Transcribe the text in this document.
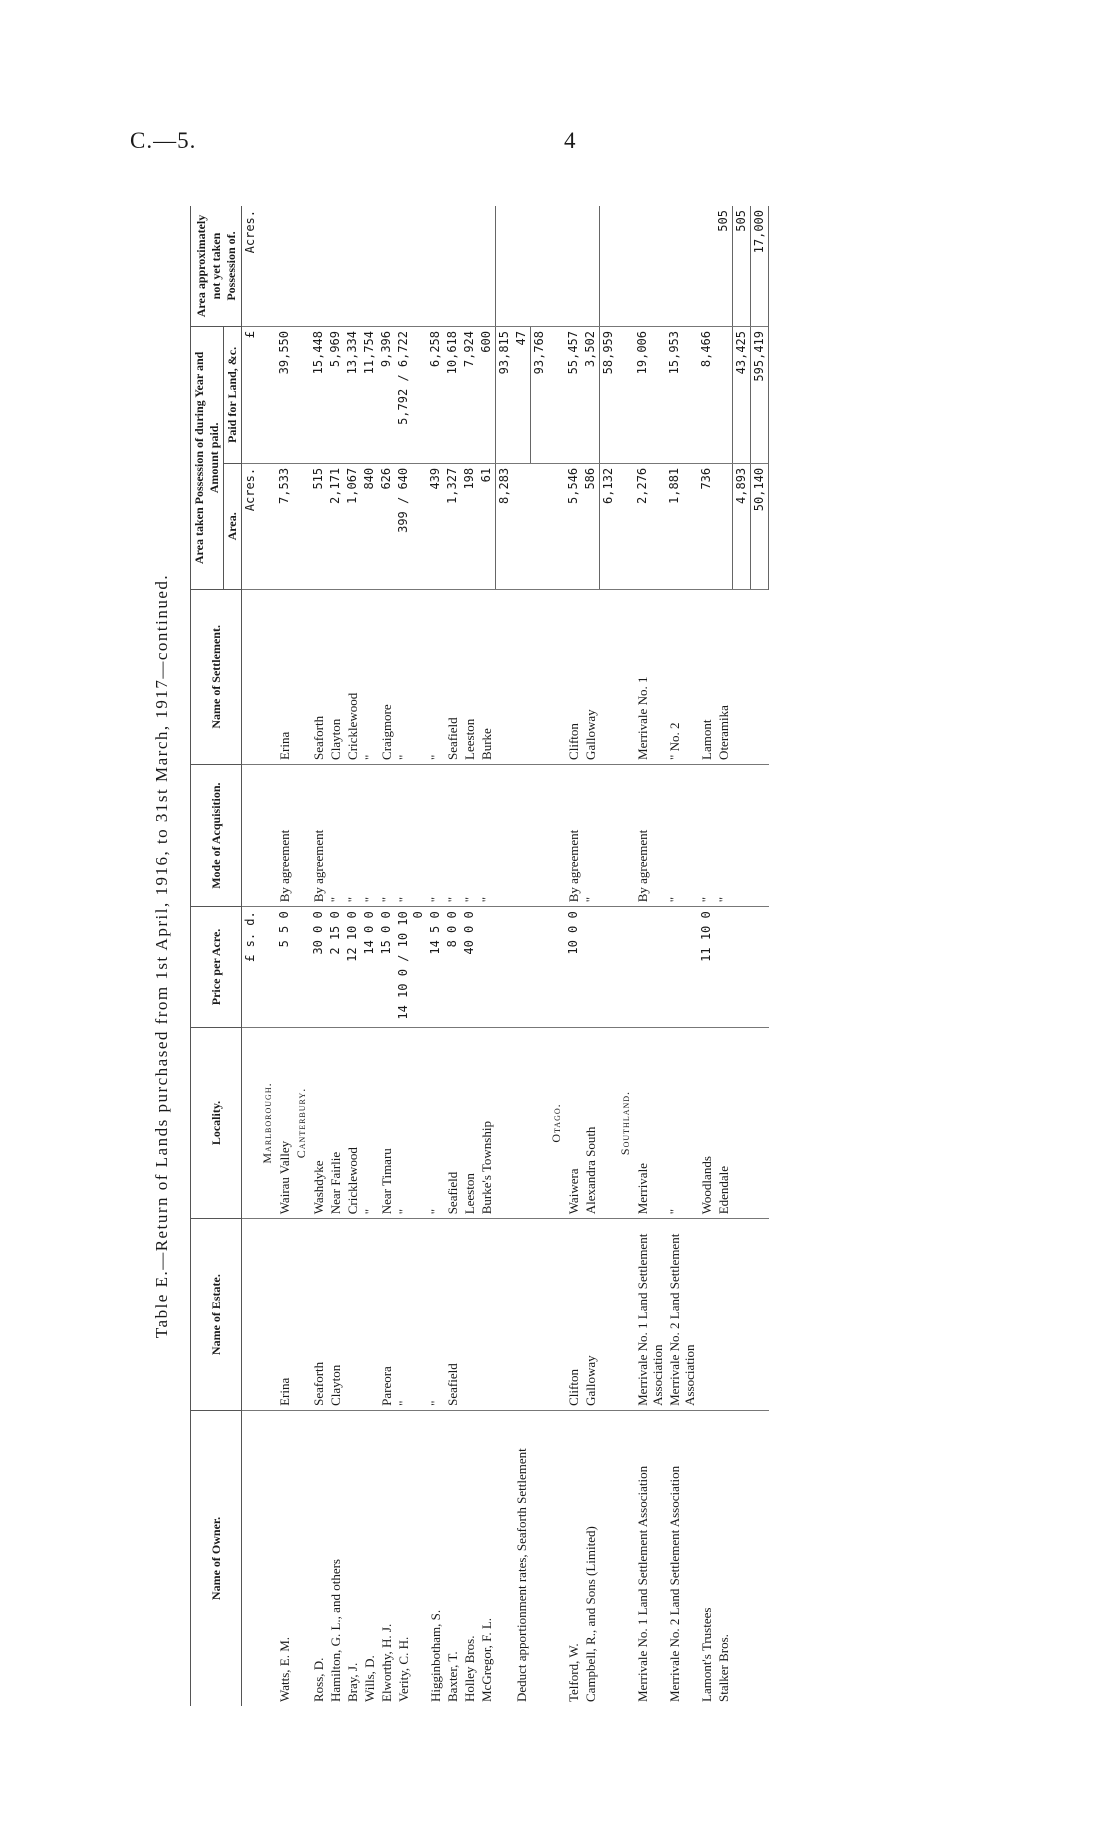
C.—5.	4
Table E.—Return of Lands purchased from 1st April, 1916, to 31st March, 1917—continued.
Name of Owner.	Name of Estate.	Locality.	Price per Acre.	Mode of Acquisition.	Name of Settlement.	Area taken Possession of during Year and Amount paid.		Area approximately not yet taken Possession of.
						Area.	Paid for Land, &c.	
			£ s. d.			Acres.	£	Acres.
		Marlborough.						
Watts, E. M.	Erina	Wairau Valley	5 5 0	By agreement	Erina	7,533	39,550	
		Canterbury.						
Ross, D.	Seaforth	Washdyke	30 0 0	By agreement	Seaforth	515	15,448	
Hamilton, G. L., and others	Clayton	Near Fairlie	2 15 0	"	Clayton	2,171	5,969	
Bray, J.		Cricklewood	12 10 0	"	Cricklewood	1,067	13,334	
Wills, D.		"	14 0 0	"	"	840	11,754	
Elworthy, H. J.	Pareora	Near Timaru	15 0 0	"	Craigmore	626	9,396	
Verity, C. H.	"	"	14 10 0 / 10 10 0	"	"	399 / 640	5,792 / 6,722	
Higginbotham, S.	"	"	14 5 0	"	"	439	6,258	
Baxter, T.	Seafield	Seafield	8 0 0	"	Seafield	1,327	10,618	
Holley Bros.		Leeston	40 0 0	"	Leeston	198	7,924	
McGregor, F. L.		Burke's Township		"	Burke	61	600	
						8,283	93,815	
Deduct apportionment rates, Seaforth Settlement							47	
							93,768	
		Otago.						
Telford, W.	Clifton	Waiwera	10 0 0	By agreement	Clifton	5,546	55,457	
Campbell, R., and Sons (Limited)	Galloway	Alexandra South		"	Galloway	586	3,502	
						6,132	58,959	
		Southland.						
Merrivale No. 1 Land Settlement Association	Merrivale No. 1 Land Settlement Association	Merrivale		By agreement	Merrivale No. 1	2,276	19,006	
Merrivale No. 2 Land Settlement Association	Merrivale No. 2 Land Settlement Association	"		"	" No. 2	1,881	15,953	
Lamont's Trustees		Woodlands	11 10 0	"	Lamont	736	8,466	
Stalker Bros.		Edendale		"	Oteramika			505
						4,893	43,425	505
						50,140	595,419	17,000
